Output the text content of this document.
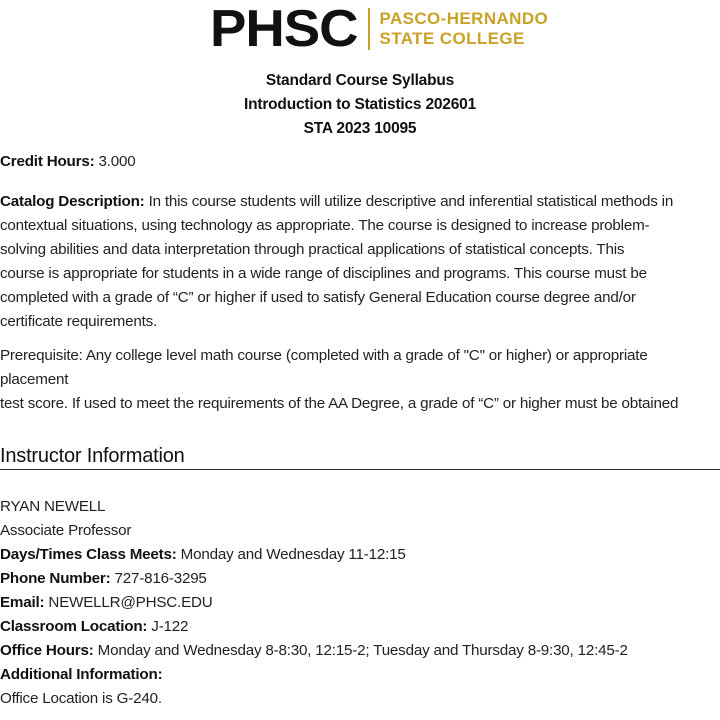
PHSC PASCO-HERNANDO
STATE COLLEGE
Standard Course Syllabus
Introduction to Statistics 202601
STA 2023 10095
Credit Hours: 3.000
Catalog Description: In this course students will utilize descriptive and inferential statistical methods in
contextual situations, using technology as appropriate. The course is designed to increase problem-
solving abilities and data interpretation through practical applications of statistical concepts. This
course is appropriate for students in a wide range of disciplines and programs. This course must be
completed with a grade of “C” or higher if used to satisfy General Education course degree and/or
certificate requirements.
Prerequisite: Any college level math course (completed with a grade of "C" or higher) or appropriate
placement
test score. If used to meet the requirements of the AA Degree, a grade of “C” or higher must be obtained
Instructor Information
RYAN NEWELL
Associate Professor
Days/Times Class Meets: Monday and Wednesday 11-12:15
Phone Number: 727-816-3295
Email: NEWELLR@PHSC.EDU
Classroom Location: J-122
Office Hours: Monday and Wednesday 8-8:30, 12:15-2; Tuesday and Thursday 8-9:30, 12:45-2
Additional Information:
Office Location is G-240.
